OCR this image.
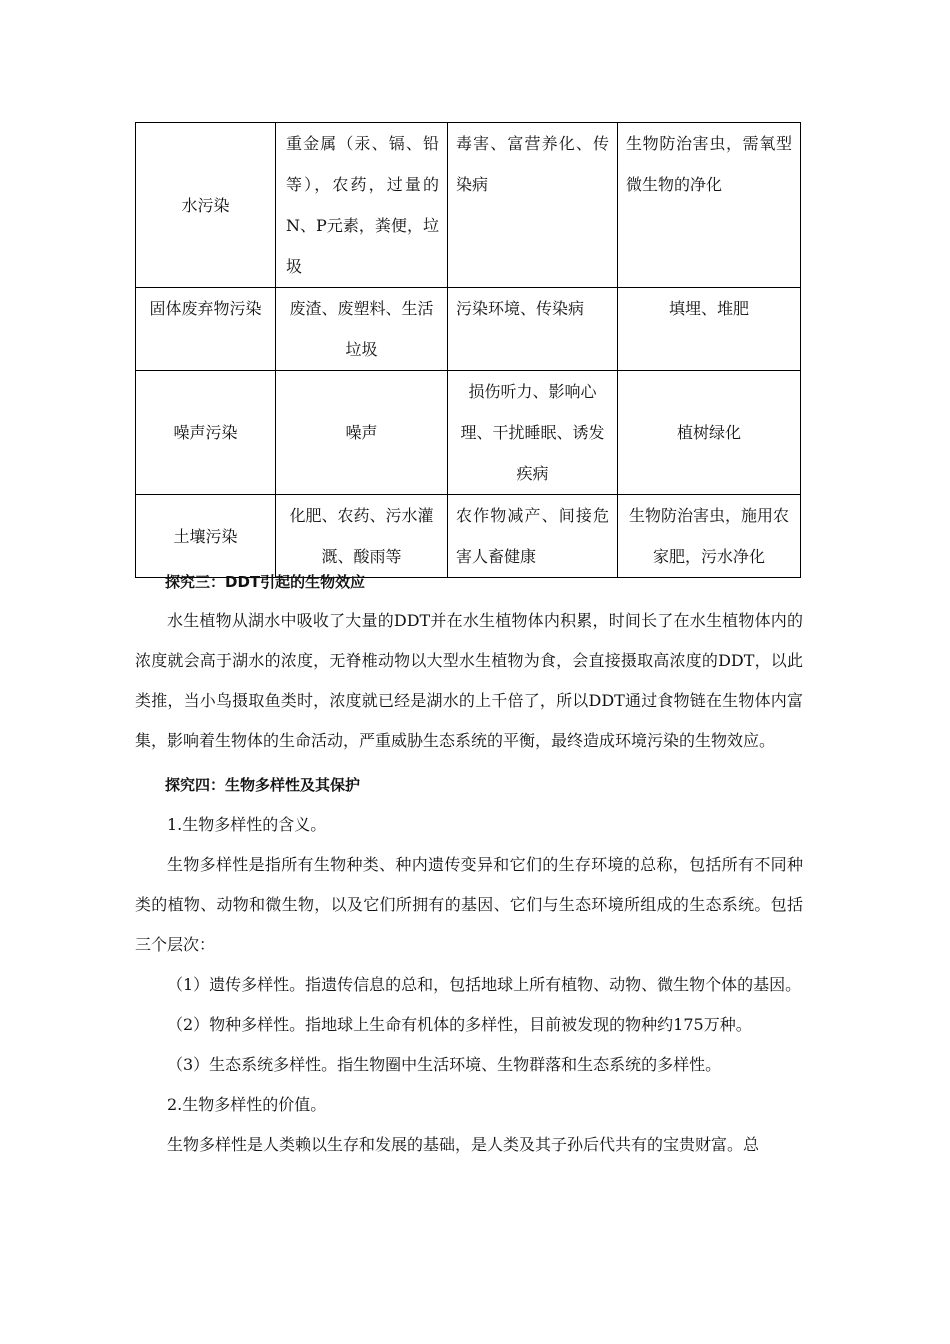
水污染	重金属（汞、镉、铅等），农药，过量的N、P元素，粪便，垃圾	毒害、富营养化、传染病	生物防治害虫，需氧型微生物的净化
固体废弃物污染	废渣、废塑料、生活垃圾	污染环境、传染病	填埋、堆肥
噪声污染	噪声	损伤听力、影响心理、干扰睡眠、诱发疾病	植树绿化
土壤污染	化肥、农药、污水灌溉、酸雨等	农作物减产、间接危害人畜健康	生物防治害虫，施用农家肥，污水净化

探究三：DDT引起的生物效应

水生植物从湖水中吸收了大量的DDT并在水生植物体内积累，时间长了在水生植物体内的浓度就会高于湖水的浓度，无脊椎动物以大型水生植物为食，会直接摄取高浓度的DDT，以此类推，当小鸟摄取鱼类时，浓度就已经是湖水的上千倍了，所以DDT通过食物链在生物体内富集，影响着生物体的生命活动，严重威胁生态系统的平衡，最终造成环境污染的生物效应。

探究四：生物多样性及其保护

1.生物多样性的含义。

生物多样性是指所有生物种类、种内遗传变异和它们的生存环境的总称，包括所有不同种类的植物、动物和微生物，以及它们所拥有的基因、它们与生态环境所组成的生态系统。包括三个层次：

（1）遗传多样性。指遗传信息的总和，包括地球上所有植物、动物、微生物个体的基因。

（2）物种多样性。指地球上生命有机体的多样性，目前被发现的物种约175万种。

（3）生态系统多样性。指生物圈中生活环境、生物群落和生态系统的多样性。

2.生物多样性的价值。

生物多样性是人类赖以生存和发展的基础，是人类及其子孙后代共有的宝贵财富。总
